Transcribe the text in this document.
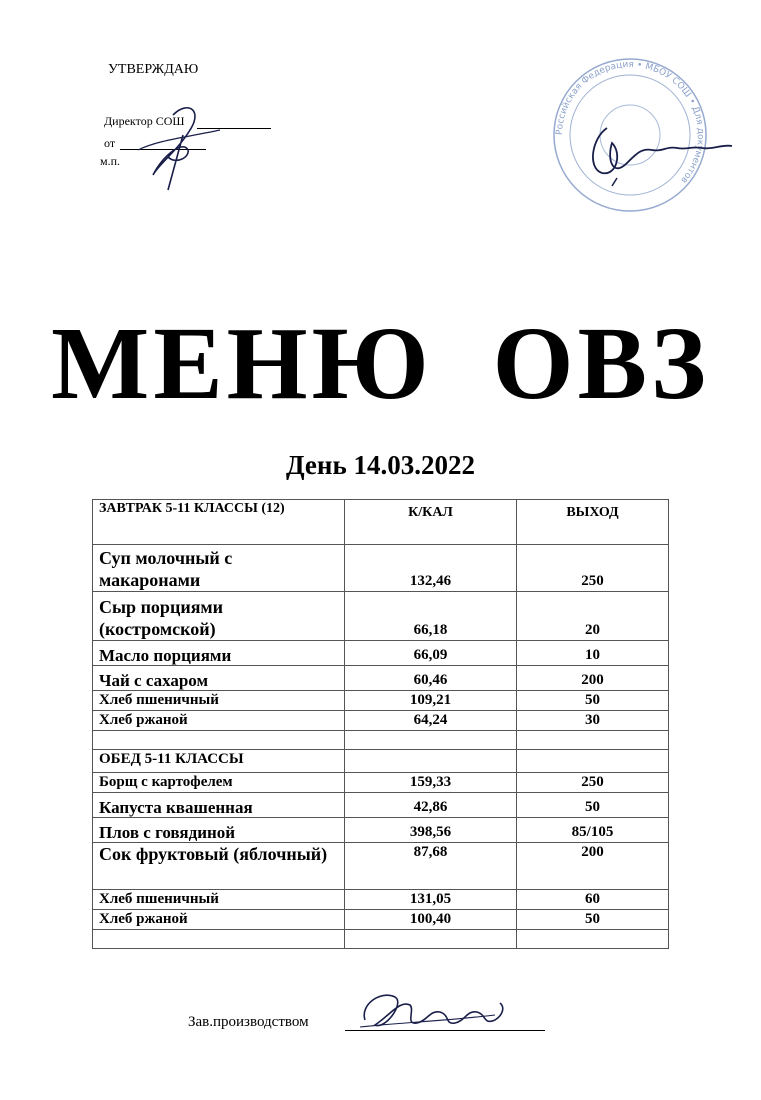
УТВЕРЖДАЮ
Директор СОШ
от
м.п.
Российская Федерация • МБОУ СОШ • Для документов
МЕНЮ ОВЗ
День 14.03.2022
ЗАВТРАК 5-11 КЛАССЫ (12)	К/КАЛ	ВЫХОД
Суп молочный с макаронами	132,46	250
Сыр порциями (костромской)	66,18	20
Масло порциями	66,09	10
Чай с сахаром	60,46	200
Хлеб пшеничный	109,21	50
Хлеб ржаной	64,24	30

ОБЕД 5-11 КЛАССЫ		
Борщ с картофелем	159,33	250
Капуста квашенная	42,86	50
Плов с говядиной	398,56	85/105
Сок фруктовый (яблочный)	87,68	200
Хлеб пшеничный	131,05	60
Хлеб ржаной	100,40	50

Зав.производством
